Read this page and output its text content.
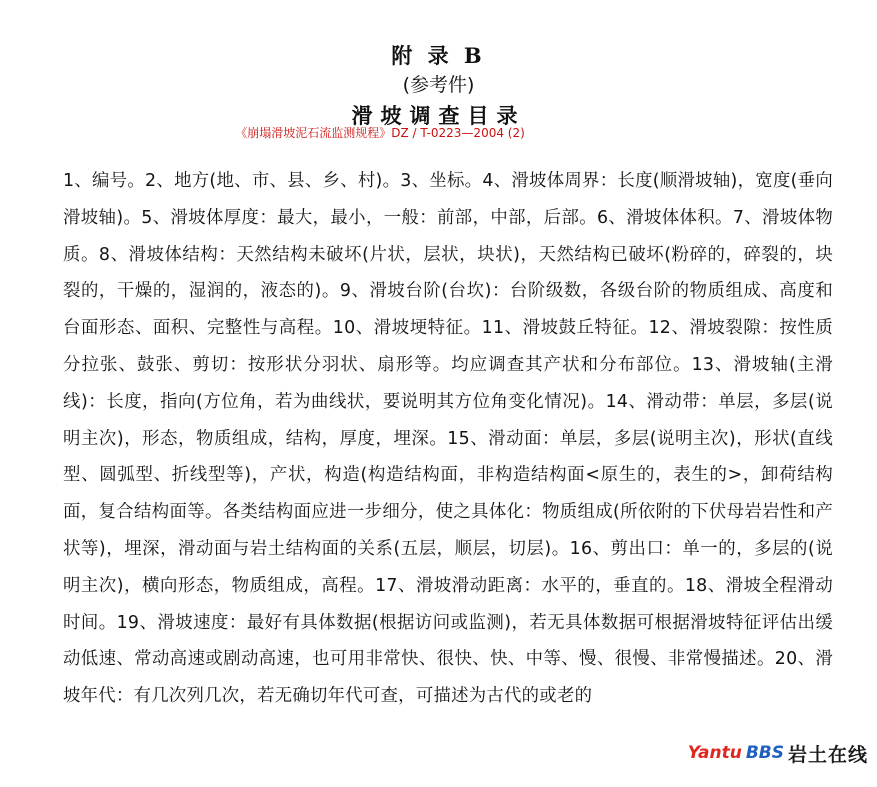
附 录 B
(参考件)
滑坡调查目录
《崩塌滑坡泥石流监测规程》DZ / T-0223—2004 (2)

1、编号。2、地方(地、市、县、乡、村)。3、坐标。4、滑坡体周界：长度(顺滑坡轴)，宽度(垂向滑坡轴)。5、滑坡体厚度：最大，最小，一般：前部，中部，后部。6、滑坡体体积。7、滑坡体物质。8、滑坡体结构：天然结构未破坏(片状，层状，块状)，天然结构已破坏(粉碎的，碎裂的，块裂的，干燥的，湿润的，液态的)。9、滑坡台阶(台坎)：台阶级数，各级台阶的物质组成、高度和台面形态、面积、完整性与高程。10、滑坡埂特征。11、滑坡鼓丘特征。12、滑坡裂隙：按性质分拉张、鼓张、剪切：按形状分羽状、扇形等。均应调查其产状和分布部位。13、滑坡轴(主滑线)：长度，指向(方位角，若为曲线状，要说明其方位角变化情况)。14、滑动带：单层，多层(说明主次)，形态，物质组成，结构，厚度，埋深。15、滑动面：单层，多层(说明主次)，形状(直线型、圆弧型、折线型等)，产状，构造(构造结构面，非构造结构面<原生的，表生的>，卸荷结构面，复合结构面等。各类结构面应进一步细分，使之具体化：物质组成(所依附的下伏母岩岩性和产状等)，埋深，滑动面与岩土结构面的关系(五层，顺层，切层)。16、剪出口：单一的，多层的(说明主次)，横向形态，物质组成，高程。17、滑坡滑动距离：水平的，垂直的。18、滑坡全程滑动时间。19、滑坡速度：最好有具体数据(根据访问或监测)，若无具体数据可根据滑坡特征评估出缓动低速、常动高速或剧动高速，也可用非常快、很快、快、中等、慢、很慢、非常慢描述。20、滑坡年代：有几次列几次，若无确切年代可查，可描述为古代的或老的

Yantu BBS 岩土在线
